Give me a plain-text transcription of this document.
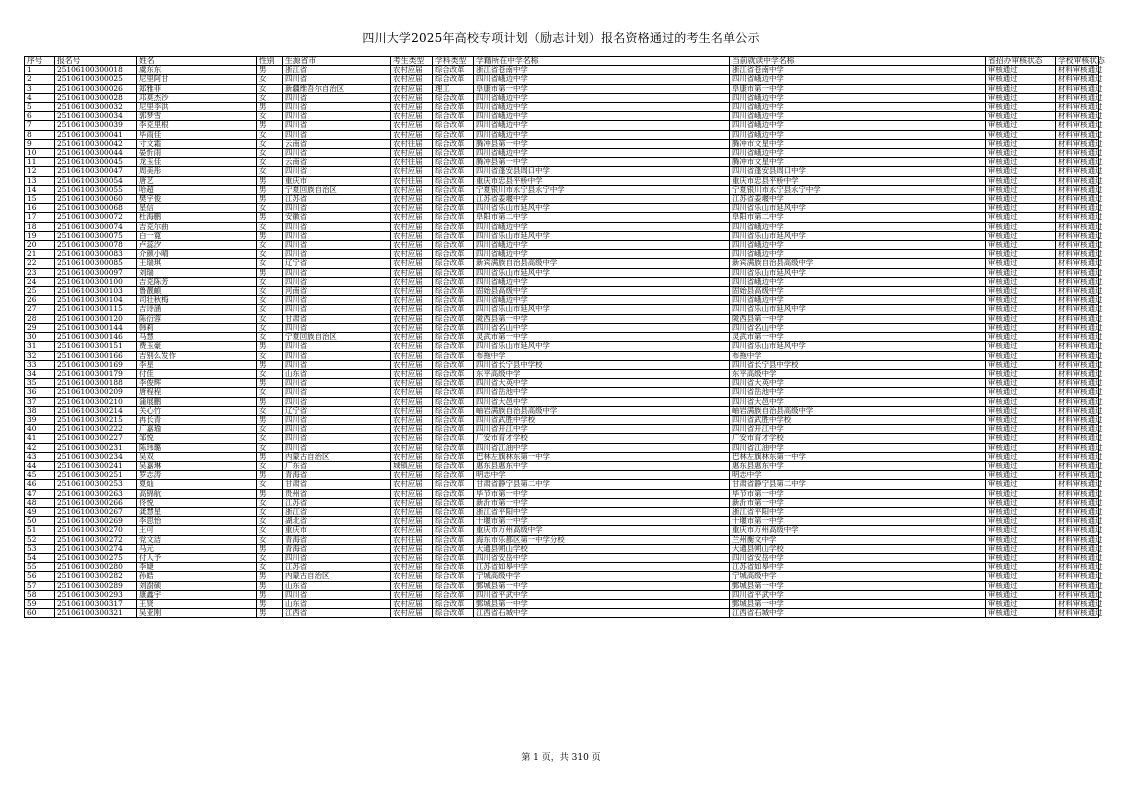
四川大学2025年高校专项计划（励志计划）报名资格通过的考生名单公示
序号	报名号	姓名	性别	生源省市	考生类型	学科类型	学籍所在中学名称	当前就读中学名称	省招办审核状态	学校审核状态
1	25106100300018	虞东东	男	浙江省	农村应届	综合改革	浙江省苍南中学	浙江省苍南中学	审核通过	材料审核通过
2	25106100300025	尼里阿甘	女	四川省	农村应届	综合改革	四川省峨边中学	四川省峨边中学	审核通过	材料审核通过
3	25106100300026	郑雅菲	女	新疆维吾尔自治区	农村应届	理工	阜康市第一中学	阜康市第一中学	审核通过	材料审核通过
4	25106100300028	邛莫杰沙	女	四川省	农村应届	综合改革	四川省峨边中学	四川省峨边中学	审核通过	材料审核通过
5	25106100300032	尼里李洪	男	四川省	农村应届	综合改革	四川省峨边中学	四川省峨边中学	审核通过	材料审核通过
6	25106100300034	郭梦雪	女	四川省	农村应届	综合改革	四川省峨边中学	四川省峨边中学	审核通过	材料审核通过
7	25106100300039	李克里根	男	四川省	农村应届	综合改革	四川省峨边中学	四川省峨边中学	审核通过	材料审核通过
8	25106100300041	毕雨佳	女	四川省	农村应届	综合改革	四川省峨边中学	四川省峨边中学	审核通过	材料审核通过
9	25106100300042	寸文霜	女	云南省	农村往届	综合改革	腾冲县第一中学	腾冲市文星中学	审核通过	材料审核通过
10	25106100300044	晏忻雨	女	四川省	农村应届	综合改革	四川省峨边中学	四川省峨边中学	审核通过	材料审核通过
11	25106100300045	龙玉佳	女	云南省	农村往届	综合改革	腾冲县第一中学	腾冲市文星中学	审核通过	材料审核通过
12	25106100300047	周美彤	女	四川省	农村应届	综合改革	四川省蓬安县周口中学	四川省蓬安县周口中学	审核通过	材料审核通过
13	25106100300054	唐艺	男	重庆市	农村往届	综合改革	重庆市忠县平桥中学	重庆市忠县平桥中学	审核通过	材料审核通过
14	25106100300055	哈超	男	宁夏回族自治区	农村应届	综合改革	宁夏银川市永宁县永宁中学	宁夏银川市永宁县永宁中学	审核通过	材料审核通过
15	25106100300060	樊宇俊	男	江苏省	农村应届	综合改革	江苏省姜堰中学	江苏省姜堰中学	审核通过	材料审核通过
16	25106100300068	星信	女	四川省	农村应届	综合改革	四川省乐山市延风中学	四川省乐山市延风中学	审核通过	材料审核通过
17	25106100300072	杜海鹏	男	安徽省	农村应届	综合改革	阜阳市第二中学	阜阳市第二中学	审核通过	材料审核通过
18	25106100300074	吉克尔曲	女	四川省	农村应届	综合改革	四川省峨边中学	四川省峨边中学	审核通过	材料审核通过
19	25106100300075	白一寛	男	四川省	农村应届	综合改革	四川省乐山市延风中学	四川省乐山市延风中学	审核通过	材料审核通过
20	25106100300078	卢蕊汐	女	四川省	农村应届	综合改革	四川省峨边中学	四川省峨边中学	审核通过	材料审核通过
21	25106100300083	介颜小晴	女	四川省	农村应届	综合改革	四川省峨边中学	四川省峨边中学	审核通过	材料审核通过
22	25106100300085	王瑞琪	女	辽宁省	农村应届	综合改革	新宾满族自治县高级中学	新宾满族自治县高级中学	审核通过	材料审核通过
23	25106100300097	刘瑞	男	四川省	农村应届	综合改革	四川省乐山市延风中学	四川省乐山市延风中学	审核通过	材料审核通过
24	25106100300100	吉克陈芳	女	四川省	农村应届	综合改革	四川省峨边中学	四川省峨边中学	审核通过	材料审核通过
25	25106100300103	鲁靓頔	女	河南省	农村应届	综合改革	固始县高级中学	固始县高级中学	审核通过	材料审核通过
26	25106100300104	司壮秋梅	女	四川省	农村应届	综合改革	四川省峨边中学	四川省峨边中学	审核通过	材料审核通过
27	25106100300115	吉诗涵	女	四川省	农村应届	综合改革	四川省乐山市延风中学	四川省乐山市延风中学	审核通过	材料审核通过
28	25106100300120	陈衍蓉	女	甘肃省	农村应届	综合改革	陇西县第一中学	陇西县第一中学	审核通过	材料审核通过
29	25106100300144	韩莉	女	四川省	农村应届	综合改革	四川省名山中学	四川省名山中学	审核通过	材料审核通过
30	25106100300146	马慧	女	宁夏回族自治区	农村应届	综合改革	灵武市第一中学	灵武市第一中学	审核通过	材料审核通过
31	25106100300151	费玉豪	男	四川省	农村应届	综合改革	四川省乐山市延风中学	四川省乐山市延风中学	审核通过	材料审核通过
32	25106100300166	吉别么发作	女	四川省	农村应届	综合改革	布拖中学	布拖中学	审核通过	材料审核通过
33	25106100300169	李星	男	四川省	农村应届	综合改革	四川省长宁县中学校	四川省长宁县中学校	审核通过	材料审核通过
34	25106100300179	付佳	女	山东省	农村应届	综合改革	东平高级中学	东平高级中学	审核通过	材料审核通过
35	25106100300188	李俊辉	男	四川省	农村应届	综合改革	四川省大英中学	四川省大英中学	审核通过	材料审核通过
36	25106100300209	唐程程	女	四川省	农村应届	综合改革	四川省岳池中学	四川省岳池中学	审核通过	材料审核通过
37	25106100300210	蒲展鹏	男	四川省	农村应届	综合改革	四川省大邑中学	四川省大邑中学	审核通过	材料审核通过
38	25106100300214	关心竹	女	辽宁省	农村应届	综合改革	岫岩满族自治县高级中学	岫岩满族自治县高级中学	审核通过	材料审核通过
39	25106100300215	冉长青	男	四川省	农村应届	综合改革	四川省武胜中学校	四川省武胜中学校	审核通过	材料审核通过
40	25106100300222	广嘉瑜	女	四川省	农村应届	综合改革	四川省开江中学	四川省开江中学	审核通过	材料审核通过
41	25106100300227	邹悦	女	四川省	农村应届	综合改革	广安市育才学校	广安市育才学校	审核通过	材料审核通过
42	25106100300231	陈玮璐	女	四川省	农村应届	综合改革	四川省江油中学	四川省江油中学	审核通过	材料审核通过
43	25106100300234	吴双	男	内蒙古自治区	农村应届	综合改革	巴林左旗林东第一中学	巴林左旗林东第一中学	审核通过	材料审核通过
44	25106100300241	吴嘉琳	女	广东省	城镇应届	综合改革	惠东县惠东中学	惠东县惠东中学	审核通过	材料审核通过
45	25106100300251	罗志涛	男	青海省	农村应届	综合改革	明志中学	明志中学	审核通过	材料审核通过
46	25106100300253	夏灿	女	甘肃省	农村应届	综合改革	甘肃省静宁县第二中学	甘肃省静宁县第二中学	审核通过	材料审核通过
47	25106100300263	高锦航	男	贵州省	农村应届	综合改革	毕节市第一中学	毕节市第一中学	审核通过	材料审核通过
48	25106100300266	佟悦	女	江苏省	农村应届	综合改革	新沂市第一中学	新沂市第一中学	审核通过	材料审核通过
49	25106100300267	龚慧星	女	浙江省	农村应届	综合改革	浙江省平阳中学	浙江省平阳中学	审核通过	材料审核通过
50	25106100300269	李思怡	女	湖北省	农村应届	综合改革	十堰市第一中学	十堰市第一中学	审核通过	材料审核通过
51	25106100300270	王可	女	重庆市	农村应届	综合改革	重庆市万州高级中学	重庆市万州高级中学	审核通过	材料审核通过
52	25106100300272	党文洁	女	青海省	农村往届	综合改革	海东市乐都区第一中学分校	兰州衡文中学	审核通过	材料审核通过
53	25106100300274	马元	男	青海省	农村应届	综合改革	大通县朔山学校	大通县朔山学校	审核通过	材料审核通过
54	25106100300275	付人予	女	四川省	农村应届	综合改革	四川省安岳中学	四川省安岳中学	审核通过	材料审核通过
55	25106100300280	李婕	女	江苏省	农村应届	综合改革	江苏省如皋中学	江苏省如皋中学	审核通过	材料审核通过
56	25106100300282	孙皓	男	内蒙古自治区	农村应届	综合改革	宁城高级中学	宁城高级中学	审核通过	材料审核通过
57	25106100300289	刘澍硕	男	山东省	农村应届	综合改革	鄄城县第一中学	鄄城县第一中学	审核通过	材料审核通过
58	25106100300293	康鑫宇	男	四川省	农村应届	综合改革	四川省平武中学	四川省平武中学	审核通过	材料审核通过
59	25106100300317	王贤	男	山东省	农村应届	综合改革	鄄城县第一中学	鄄城县第一中学	审核通过	材料审核通过
60	25106100300321	吴亚刚	男	江西省	农村应届	综合改革	江西省石城中学	江西省石城中学	审核通过	材料审核通过
第 1 页，共 310 页
